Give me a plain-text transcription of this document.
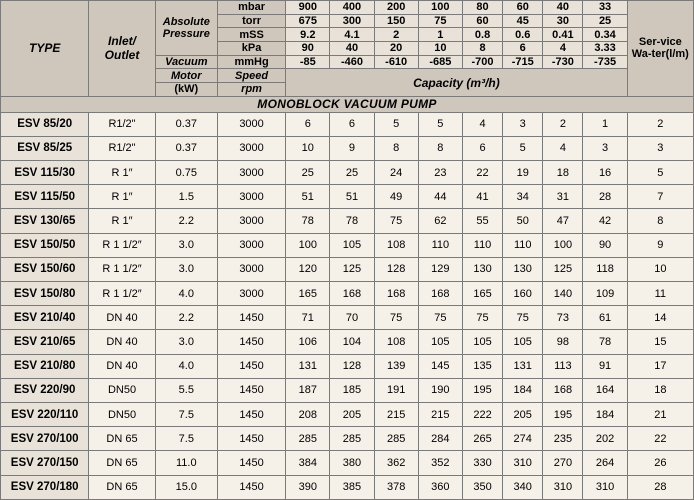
TYPE	Inlet/ Outlet	Absolute Pressure	mbar	900	400	200	100	80	60	40	33	Ser-vice Wa-ter(l/m)
			torr	675	300	150	75	60	45	30	25	
			mSS	9.2	4.1	2	1	0.8	0.6	0.41	0.34	
			kPa	90	40	20	10	8	6	4	3.33	
		Vacuum	mmHg	-85	-460	-610	-685	-700	-715	-730	-735	
		Motor	Speed	Capacity (m³/h)								
		(kW)	rpm									
MONOBLOCK VACUUM PUMP												
ESV 85/20	R1/2"	0.37	3000	6	6	5	5	4	3	2	1	2
ESV 85/25	R1/2"	0.37	3000	10	9	8	8	6	5	4	3	3
ESV 115/30	R 1″	0.75	3000	25	25	24	23	22	19	18	16	5
ESV 115/50	R 1″	1.5	3000	51	51	49	44	41	34	31	28	7
ESV 130/65	R 1″	2.2	3000	78	78	75	62	55	50	47	42	8
ESV 150/50	R 1 1/2″	3.0	3000	100	105	108	110	110	110	100	90	9
ESV 150/60	R 1 1/2″	3.0	3000	120	125	128	129	130	130	125	118	10
ESV 150/80	R 1 1/2″	4.0	3000	165	168	168	168	165	160	140	109	11
ESV 210/40	DN 40	2.2	1450	71	70	75	75	75	75	73	61	14
ESV 210/65	DN 40	3.0	1450	106	104	108	105	105	105	98	78	15
ESV 210/80	DN 40	4.0	1450	131	128	139	145	135	131	113	91	17
ESV 220/90	DN50	5.5	1450	187	185	191	190	195	184	168	164	18
ESV 220/110	DN50	7.5	1450	208	205	215	215	222	205	195	184	21
ESV 270/100	DN 65	7.5	1450	285	285	285	284	265	274	235	202	22
ESV 270/150	DN 65	11.0	1450	384	380	362	352	330	310	270	264	26
ESV 270/180	DN 65	15.0	1450	390	385	378	360	350	340	310	310	28
